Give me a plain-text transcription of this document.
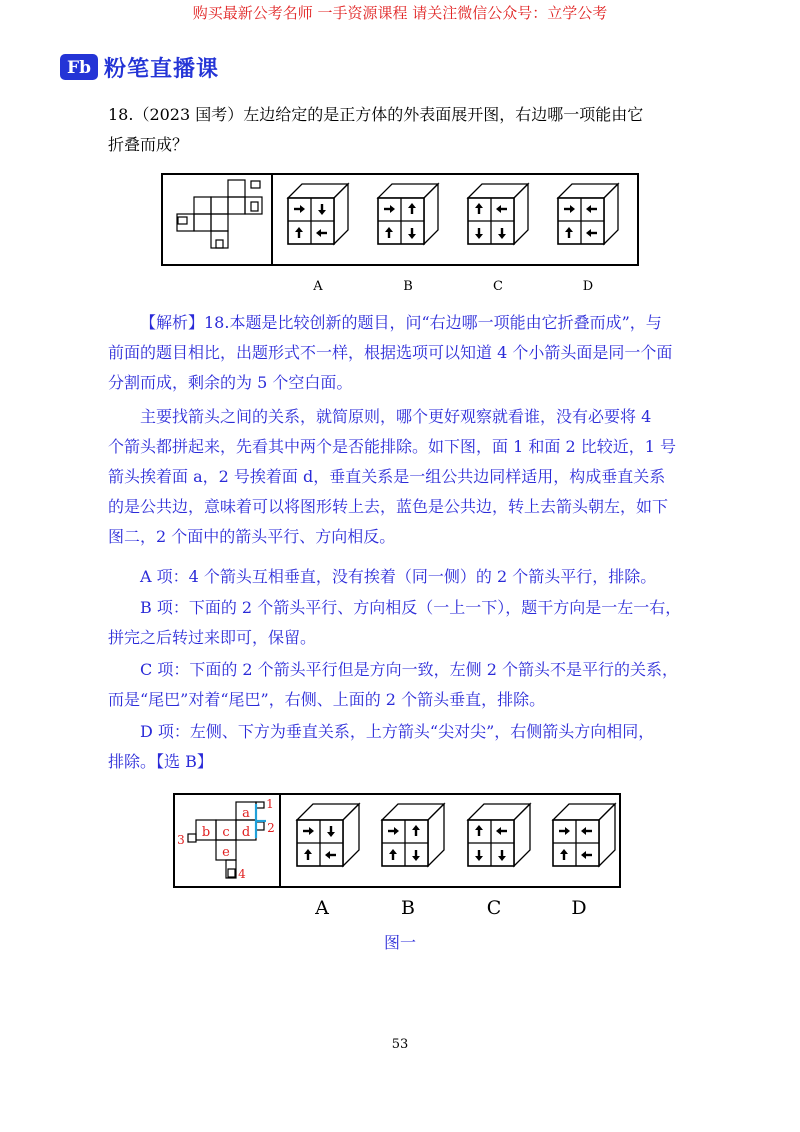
购买最新公考名师 一手资源课程 请关注微信公众号：立学公考
Fb 粉笔直播课

18.（2023 国考）左边给定的是正方体的外表面展开图，右边哪一项能由它

折叠而成？

A	B	C	D

【解析】18.本题是比较创新的题目，问“右边哪一项能由它折叠而成”，与

前面的题目相比，出题形式不一样，根据选项可以知道 4 个小箭头面是同一个面

分割而成，剩余的为 5 个空白面。

主要找箭头之间的关系，就简原则，哪个更好观察就看谁，没有必要将 4

个箭头都拼起来，先看其中两个是否能排除。如下图，面 1 和面 2 比较近，1 号

箭头挨着面 a，2 号挨着面 d，垂直关系是一组公共边同样适用，构成垂直关系

的是公共边，意味着可以将图形转上去，蓝色是公共边，转上去箭头朝左，如下

图二，2 个面中的箭头平行、方向相反。

A 项：4 个箭头互相垂直，没有挨着（同一侧）的 2 个箭头平行，排除。

B 项：下面的 2 个箭头平行、方向相反（一上一下），题干方向是一左一右，

拼完之后转过来即可，保留。

C 项：下面的 2 个箭头平行但是方向一致，左侧 2 个箭头不是平行的关系，

而是“尾巴”对着“尾巴”，右侧、上面的 2 个箭头垂直，排除。

D 项：左侧、下方为垂直关系，上方箭头“尖对尖”，右侧箭头方向相同，

排除。【选 B】

a
b c d
e
1
2
3
4
A	B	C	D
图一
53
